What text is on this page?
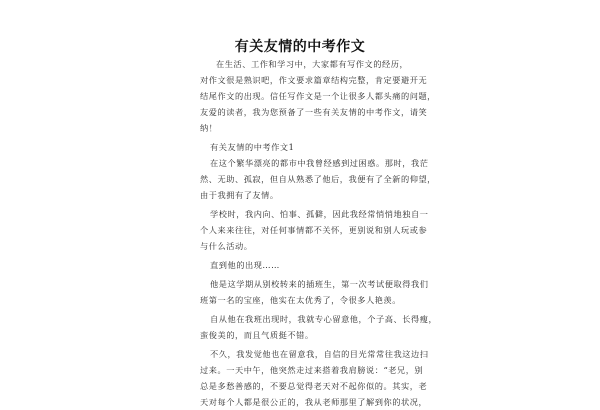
有关友情的中考作文
在生活、工作和学习中，大家都有写作文的经历，
对作文很是熟识吧，作文要求篇章结构完整，肯定要避开无
结尾作文的出现。信任写作文是一个让很多人都头痛的问题，
友爱的读者，我为您预备了一些有关友情的中考作文，请笑
纳！
有关友情的中考作文1
在这个繁华漂亮的都市中我曾经感到过困惑。那时，我茫
然、无助、孤寂，但自从熟悉了他后，我便有了全新的仰望，
由于我拥有了友情。
学校时，我内向、怕事、孤僻，因此我经常悄悄地独自一
个人来来往往，对任何事情都不关怀，更别说和别人玩或参
与什么活动。
直到他的出现……
他是这学期从别校转来的插班生，第一次考试便取得我们
班第一名的宝座，他实在太优秀了，令很多人艳羡。
自从他在我班出现时，我就专心留意他，个子高、长得瘦，
蛮俊美的，而且气质挺不错。
不久，我发觉他也在留意我，自信的目光常常往我这边扫
过来。一天中午，他突然走过来搭着我肩膀说：“老兄，别
总是多愁善感的，不要总觉得老天对不起你似的。其实，老
天对每个人都是很公正的，我从老师那里了解到你的状况，
